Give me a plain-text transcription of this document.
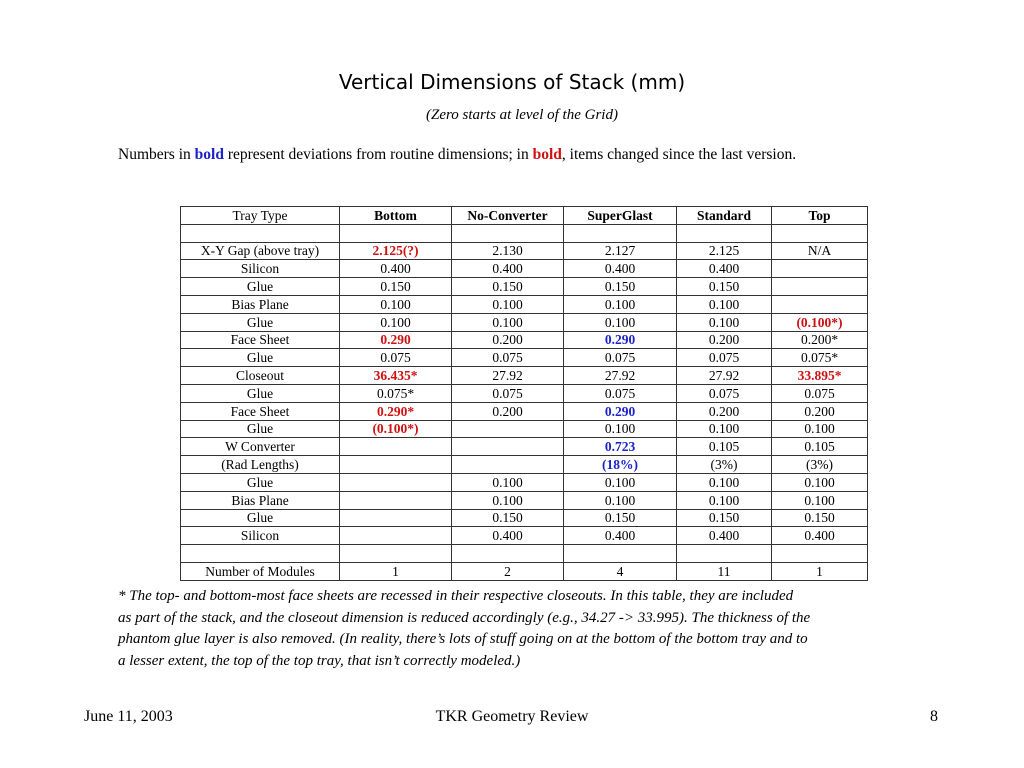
Vertical Dimensions of Stack (mm)
(Zero starts at level of the Grid)
Numbers in bold represent deviations from routine dimensions; in bold, items changed since the last version.
Tray Type	Bottom	No-Converter	SuperGlast	Standard	Top

X-Y Gap (above tray)	2.125(?)	2.130	2.127	2.125	N/A
Silicon	0.400	0.400	0.400	0.400	
Glue	0.150	0.150	0.150	0.150	
Bias Plane	0.100	0.100	0.100	0.100	
Glue	0.100	0.100	0.100	0.100	(0.100*)
Face Sheet	0.290	0.200	0.290	0.200	0.200*
Glue	0.075	0.075	0.075	0.075	0.075*
Closeout	36.435*	27.92	27.92	27.92	33.895*
Glue	0.075*	0.075	0.075	0.075	0.075
Face Sheet	0.290*	0.200	0.290	0.200	0.200
Glue	(0.100*)		0.100	0.100	0.100
W Converter			0.723	0.105	0.105
(Rad Lengths)			(18%)	(3%)	(3%)
Glue		0.100	0.100	0.100	0.100
Bias Plane		0.100	0.100	0.100	0.100
Glue		0.150	0.150	0.150	0.150
Silicon		0.400	0.400	0.400	0.400

Number of Modules	1	2	4	11	1
* The top- and bottom-most face sheets are recessed in their respective closeouts. In this table, they are included
as part of the stack, and the closeout dimension is reduced accordingly (e.g., 34.27 -> 33.995). The thickness of the
phantom glue layer is also removed. (In reality, there’s lots of stuff going on at the bottom of the bottom tray and to
a lesser extent, the top of the top tray, that isn’t correctly modeled.)
June 11, 2003	TKR Geometry Review	8
